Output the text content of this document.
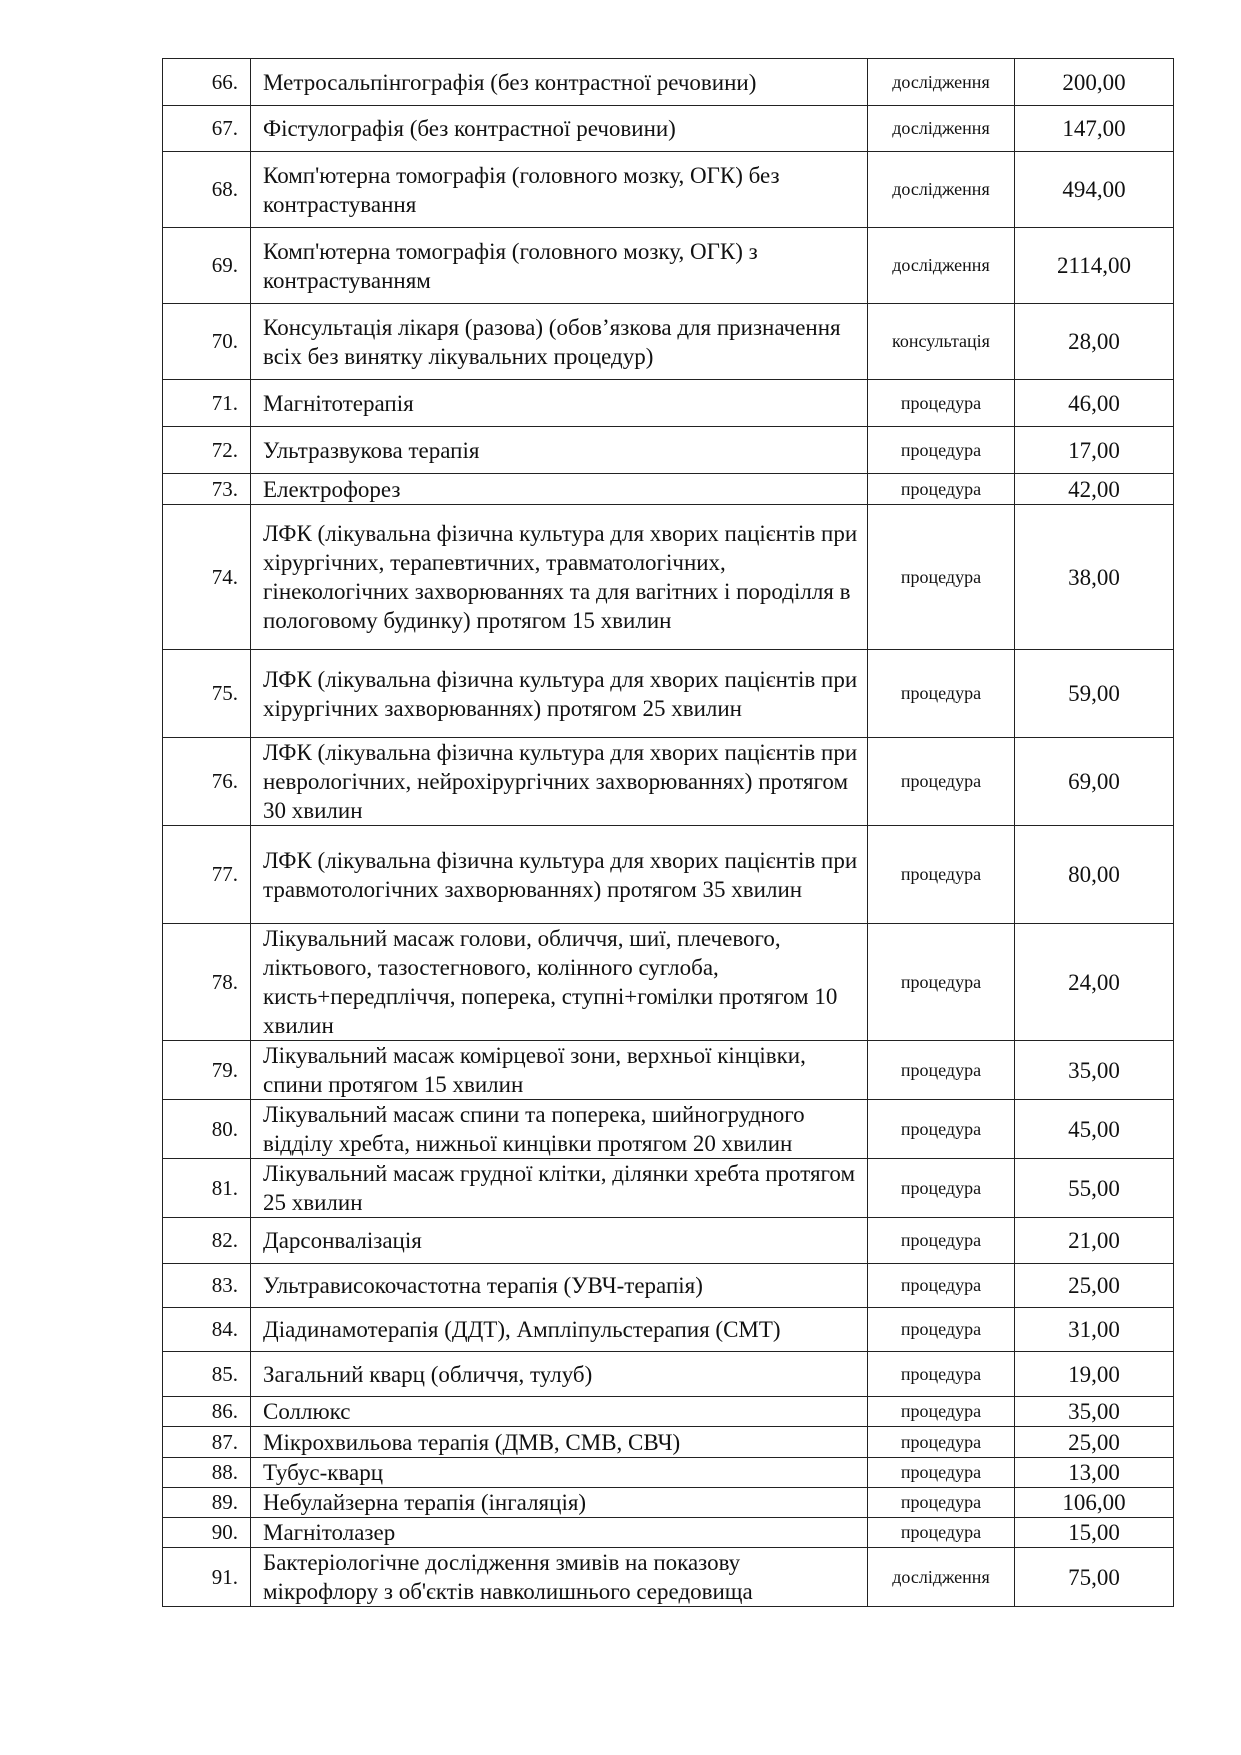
66.	Метросальпінгографія (без контрастної речовини)	дослідження	200,00
67.	Фістулографія (без контрастної речовини)	дослідження	147,00
68.	Комп'ютерна томографія (головного мозку, ОГК) без контрастування	дослідження	494,00
69.	Комп'ютерна томографія (головного мозку, ОГК) з контрастуванням	дослідження	2114,00
70.	Консультація лікаря (разова) (обов’язкова для призначення всіх без винятку лікувальних процедур)	консультація	28,00
71.	Магнітотерапія	процедура	46,00
72.	Ультразвукова терапія	процедура	17,00
73.	Електрофорез	процедура	42,00
74.	ЛФК (лікувальна фізична культура для хворих пацієнтів при хірургічних, терапевтичних, травматологічних, гінекологічних захворюваннях та для вагітних і породілля в пологовому будинку) протягом 15 хвилин	процедура	38,00
75.	ЛФК (лікувальна фізична культура для хворих пацієнтів при хірургічних захворюваннях) протягом 25 хвилин	процедура	59,00
76.	ЛФК (лікувальна фізична культура для хворих пацієнтів при неврологічних, нейрохірургічних захворюваннях) протягом 30 хвилин	процедура	69,00
77.	ЛФК (лікувальна фізична культура для хворих пацієнтів при травмотологічних захворюваннях) протягом 35 хвилин	процедура	80,00
78.	Лікувальний масаж голови, обличчя, шиї, плечевого, ліктьового, тазостегнового, колінного суглоба, кисть+передпліччя, поперека, ступні+гомілки протягом 10 хвилин	процедура	24,00
79.	Лікувальний масаж комірцевої зони, верхньої кінцівки, спини протягом 15 хвилин	процедура	35,00
80.	Лікувальний масаж спини та поперека, шийногрудного відділу хребта, нижньої кинцівки протягом 20 хвилин	процедура	45,00
81.	Лікувальний масаж грудної клітки, ділянки хребта протягом 25 хвилин	процедура	55,00
82.	Дарсонвалізація	процедура	21,00
83.	Ультрависокочастотна терапія (УВЧ-терапія)	процедура	25,00
84.	Діадинамотерапія (ДДТ), Ампліпульстерапия (СМТ)	процедура	31,00
85.	Загальний кварц (обличчя, тулуб)	процедура	19,00
86.	Соллюкс	процедура	35,00
87.	Мікрохвильова терапія (ДМВ, СМВ, СВЧ)	процедура	25,00
88.	Тубус-кварц	процедура	13,00
89.	Небулайзерна терапія (інгаляція)	процедура	106,00
90.	Магнітолазер	процедура	15,00
91.	Бактеріологічне дослідження змивів на показову мікрофлору з об'єктів навколишнього середовища	дослідження	75,00
